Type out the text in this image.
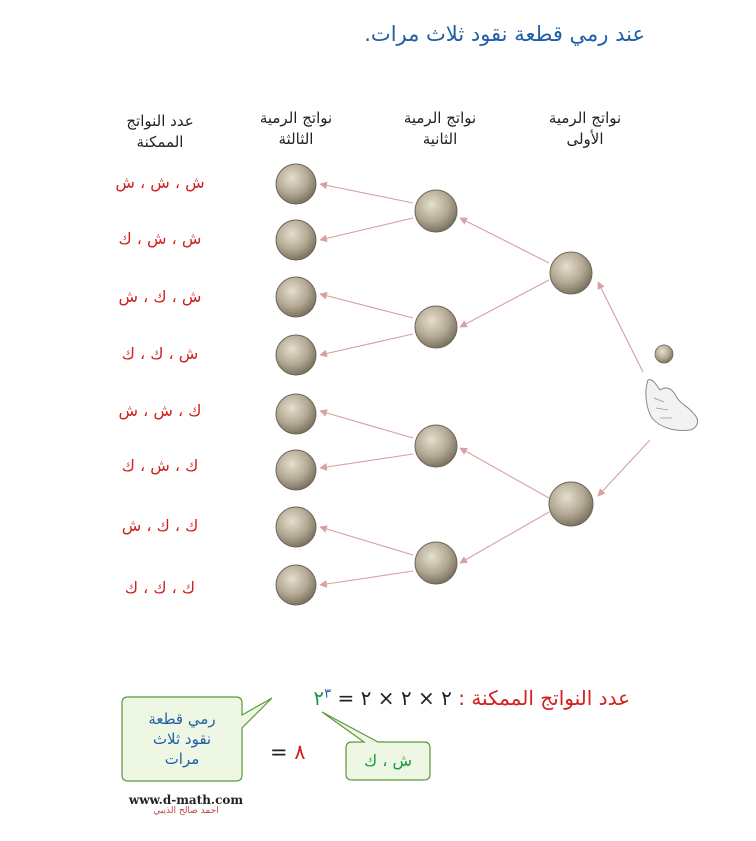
عند رمي قطعة نقود ثلاث مرات.
نواتج الرمية
الأولى
نواتج الرمية
الثانية
نواتج الرمية
الثالثة
عدد النواتج
الممكنة
ش ، ش ، ش
ش ، ش ، ك
ش ، ك ، ش
ش ، ك ، ك
ك ، ش ، ش
ك ، ش ، ك
ك ، ك ، ش
ك ، ك ، ك
عدد النواتج الممكنة : ٢ × ٢ × ٢ = $٢^٣$
٨ =
رمي قطعة
نقود ثلاث
مرات	ش ، ك
www.d-math.com
احمد صالح الذيبي
